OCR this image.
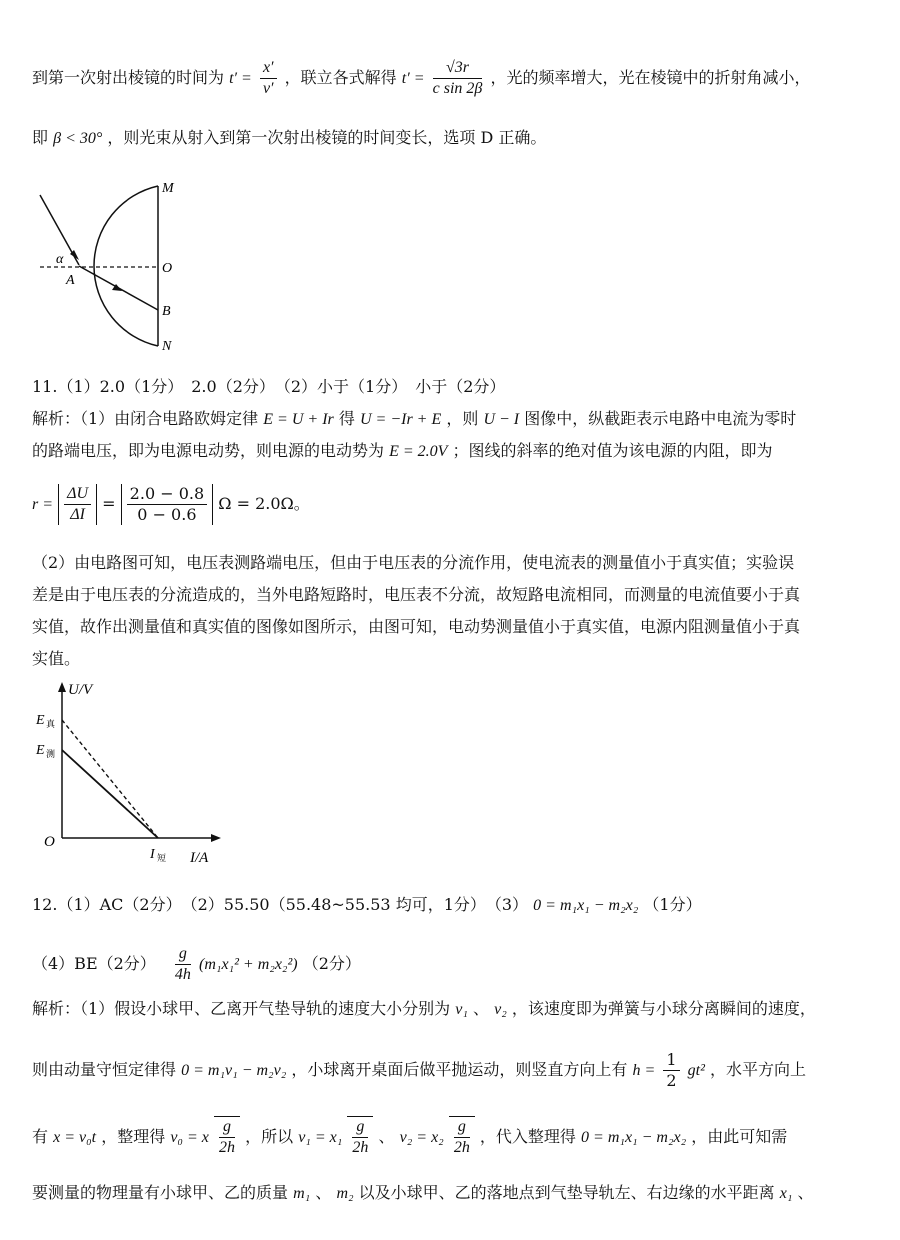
到第一次射出棱镜的时间为 $t' = \frac{x'}{v'}$ ，联立各式解得 $t' = \frac{√3r}{\text{c sin 2β}}$ ，光的频率增大，光在棱镜中的折射角减小，
即 β < 30° ，则光束从射入到第一次射出棱镜的时间变长，选项 D 正确。
M
O
B
N
α
A
11.（1）2.0（1分）　2.0（2分）　（2）小于（1分）　小于（2分）
解析：（1）由闭合电路欧姆定律 E = U + Ir 得 U = −Ir + E ，则 U − I 图像中，纵截距表示电路中电流为零时
的路端电压，即为电源电动势，则电源的电动势为 E = 2.0V ；图线的斜率的绝对值为该电源的内阻，即为
$r = \frac{\Delta U}{\Delta I} = \frac{2.0 - 0.8}{0 - 0.6}$ Ω = 2.0Ω。
（2）由电路图可知，电压表测路端电压，但由于电压表的分流作用，使电流表的测量值小于真实值；实验误
差是由于电压表的分流造成的，当外电路短路时，电压表不分流，故短路电流相同，而测量的电流值要小于真
实值，故作出测量值和真实值的图像如图所示，由图可知，电动势测量值小于真实值，电源内阻测量值小于真
实值。
U/V
I/A
O
E 真
E 测
I 短
12.（1）AC（2分）　（2）55.50（55.48~55.53 均可，1分）　（3） 0 = m₁x₁ − m₂x₂ （1分）
（4）BE（2分） $\frac{g}{4h} (m_1x_1^2 + m_2x_2^2)$ （2分）
解析：（1）假设小球甲、乙离开气垫导轨的速度大小分别为 v₁ 、 v₂ ，该速度即为弹簧与小球分离瞬间的速度，
则由动量守恒定律得 0 = m₁v₁ − m₂v₂ ，小球离开桌面后做平抛运动，则竖直方向上有 $h = \frac{1}{2} gt^2$ ，水平方向上
有 x = v₀t ，整理得 v₀ = x $\frac{g}{2h}$ ，所以 $v_1 = x_1 \frac{g}{2h}$ 、 $v_2 = x_2 \frac{g}{2h}$ ，代入整理得 0 = m₁x₁ − m₂x₂ ，由此可知需
要测量的物理量有小球甲、乙的质量 m₁ 、 m₂ 以及小球甲、乙的落地点到气垫导轨左、右边缘的水平距离 x₁ 、
